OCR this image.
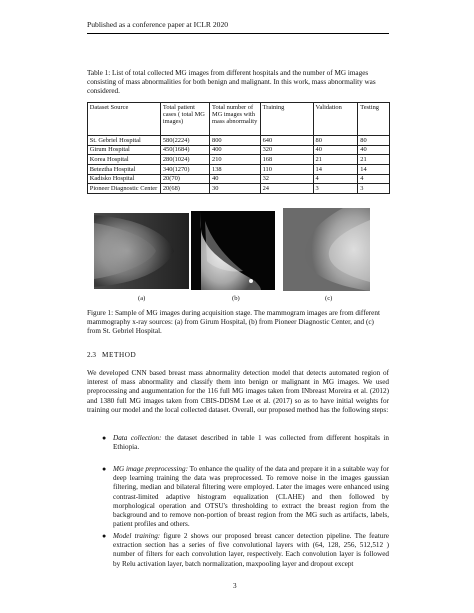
Published as a conference paper at ICLR 2020
Table 1: List of total collected MG images from different hospitals and the number of MG images consisting of mass abnormalities for both benign and malignant. In this work, mass abnormality was considered.
Dataset Source	Total patient cases ( total MG images)	Total number of MG images with mass abnormality	Training	Validation	Testing
St. Gebriel Hospital	580(2224)	800	640	80	80
Girum Hospital	450(1684)	400	320	40	40
Korea Hospital	280(1024)	210	168	21	21
Beteztha Hospital	340(1270)	138	110	14	14
Kadisko Hospital	20(70)	40	32	4	4
Pioneer Diagnostic Center	20(68)	30	24	3	3
(a)	(b)	(c)
Figure 1: Sample of MG images during acquisition stage. The mammogram images are from different mammography x-ray sources: (a) from Girum Hospital, (b) from Pioneer Diagnostic Center, and (c) from St. Gebriel Hospital.
2.3 METHOD
We developed CNN based breast mass abnormality detection model that detects automated region of interest of mass abnormality and classify them into benign or malignant in MG images. We used preprocessing and augumentation for the 116 full MG images taken from INbreast Moreira et al. (2012) and 1380 full MG images taken from CBIS-DDSM Lee et al. (2017) so as to have initial weights for training our model and the local collected dataset. Overall, our proposed method has the following steps:
● Data collection: the dataset described in table 1 was collected from different hospitals in Ethiopia.
● MG image preprocessing: To enhance the quality of the data and prepare it in a suitable way for deep learning training the data was preprocessed. To remove noise in the images gaussian filtering, median and bilateral filtering were employed. Later the images were enhanced using contrast-limited adaptive histogram equalization (CLAHE) and then followed by morphological operation and OTSU's thresholding to extract the breast region from the background and to remove non-portion of breast region from the MG such as artifacts, labels, patient profiles and others.
● Model training: figure 2 shows our proposed breast cancer detection pipeline. The feature extraction section has a series of five convolutional layers with (64, 128, 256, 512,512 ) number of filters for each convolution layer, respectively. Each convolution layer is followed by Relu activation layer, batch normalization, maxpooling layer and dropout except
3
